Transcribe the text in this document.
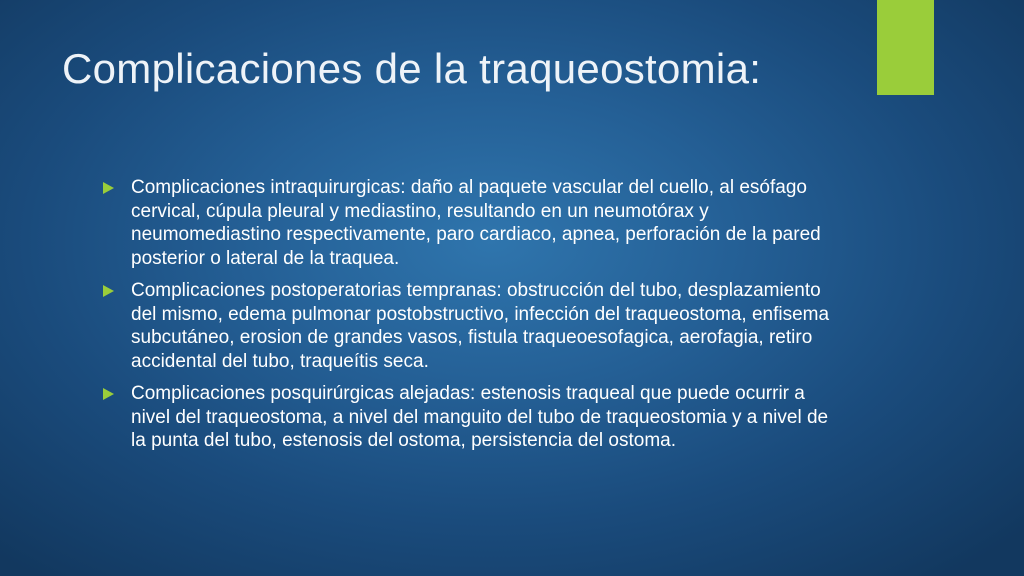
Complicaciones de la traqueostomia:
Complicaciones intraquirurgicas: daño al paquete vascular del cuello, al esófago cervical, cúpula pleural y mediastino, resultando en un neumotórax y neumomediastino respectivamente, paro cardiaco, apnea, perforación de la pared posterior o lateral de la traquea.
Complicaciones postoperatorias tempranas: obstrucción del tubo, desplazamiento del mismo, edema pulmonar postobstructivo, infección del traqueostoma, enfisema subcutáneo, erosion de grandes vasos, fistula traqueoesofagica, aerofagia, retiro accidental del tubo, traqueítis seca.
Complicaciones posquirúrgicas alejadas: estenosis traqueal que puede ocurrir a nivel del traqueostoma, a nivel del manguito del tubo de traqueostomia y a nivel de la punta del tubo, estenosis del ostoma, persistencia del ostoma.
